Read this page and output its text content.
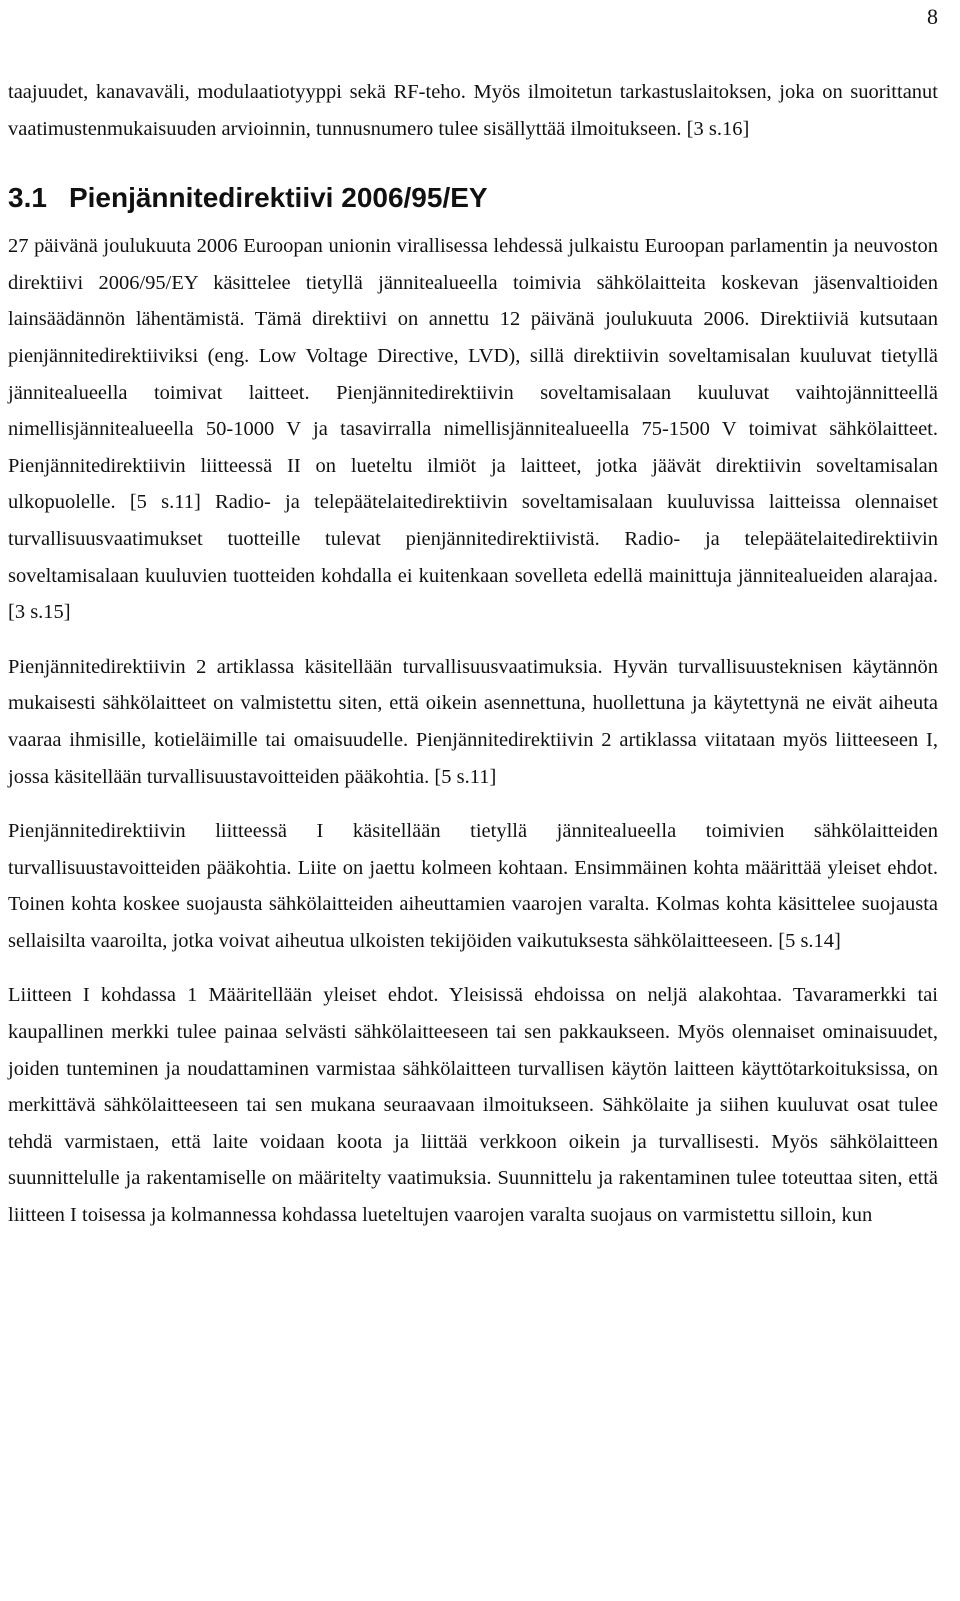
8

taajuudet, kanavaväli, modulaatiotyyppi sekä RF-teho. Myös ilmoitetun tarkastuslaitoksen, joka on suorittanut vaatimustenmukaisuuden arvioinnin, tunnusnumero tulee sisällyttää ilmoitukseen. [3 s.16]

3.1 Pienjännitedirektiivi 2006/95/EY

27 päivänä joulukuuta 2006 Euroopan unionin virallisessa lehdessä julkaistu Euroopan parlamentin ja neuvoston direktiivi 2006/95/EY käsittelee tietyllä jännitealueella toimivia sähkölaitteita koskevan jäsenvaltioiden lainsäädännön lähentämistä. Tämä direktiivi on annettu 12 päivänä joulukuuta 2006. Direktiiviä kutsutaan pienjännitedirektiiviksi (eng. Low Voltage Directive, LVD), sillä direktiivin soveltamisalan kuuluvat tietyllä jännitealueella toimivat laitteet. Pienjännitedirektiivin soveltamisalaan kuuluvat vaihtojännitteellä nimellisjännitealueella 50-1000 V ja tasavirralla nimellisjännitealueella 75-1500 V toimivat sähkölaitteet. Pienjännitedirektiivin liitteessä II on lueteltu ilmiöt ja laitteet, jotka jäävät direktiivin soveltamisalan ulkopuolelle. [5 s.11] Radio- ja telepäätelaitedirektiivin soveltamisalaan kuuluvissa laitteissa olennaiset turvallisuusvaatimukset tuotteille tulevat pienjännitedirektiivistä. Radio- ja telepäätelaitedirektiivin soveltamisalaan kuuluvien tuotteiden kohdalla ei kuitenkaan sovelleta edellä mainittuja jännitealueiden alarajaa. [3 s.15]

Pienjännitedirektiivin 2 artiklassa käsitellään turvallisuusvaatimuksia. Hyvän turvallisuusteknisen käytännön mukaisesti sähkölaitteet on valmistettu siten, että oikein asennettuna, huollettuna ja käytettynä ne eivät aiheuta vaaraa ihmisille, kotieläimille tai omaisuudelle. Pienjännitedirektiivin 2 artiklassa viitataan myös liitteeseen I, jossa käsitellään turvallisuustavoitteiden pääkohtia. [5 s.11]

Pienjännitedirektiivin liitteessä I käsitellään tietyllä jännitealueella toimivien sähkölaitteiden turvallisuustavoitteiden pääkohtia. Liite on jaettu kolmeen kohtaan. Ensimmäinen kohta määrittää yleiset ehdot. Toinen kohta koskee suojausta sähkölaitteiden aiheuttamien vaarojen varalta. Kolmas kohta käsittelee suojausta sellaisilta vaaroilta, jotka voivat aiheutua ulkoisten tekijöiden vaikutuksesta sähkölaitteeseen. [5 s.14]

Liitteen I kohdassa 1 Määritellään yleiset ehdot. Yleisissä ehdoissa on neljä alakohtaa. Tavaramerkki tai kaupallinen merkki tulee painaa selvästi sähkölaitteeseen tai sen pakkaukseen. Myös olennaiset ominaisuudet, joiden tunteminen ja noudattaminen varmistaa sähkölaitteen turvallisen käytön laitteen käyttötarkoituksissa, on merkittävä sähkölaitteeseen tai sen mukana seuraavaan ilmoitukseen. Sähkölaite ja siihen kuuluvat osat tulee tehdä varmistaen, että laite voidaan koota ja liittää verkkoon oikein ja turvallisesti. Myös sähkölaitteen suunnittelulle ja rakentamiselle on määritelty vaatimuksia. Suunnittelu ja rakentaminen tulee toteuttaa siten, että liitteen I toisessa ja kolmannessa kohdassa lueteltujen vaarojen varalta suojaus on varmistettu silloin, kun
